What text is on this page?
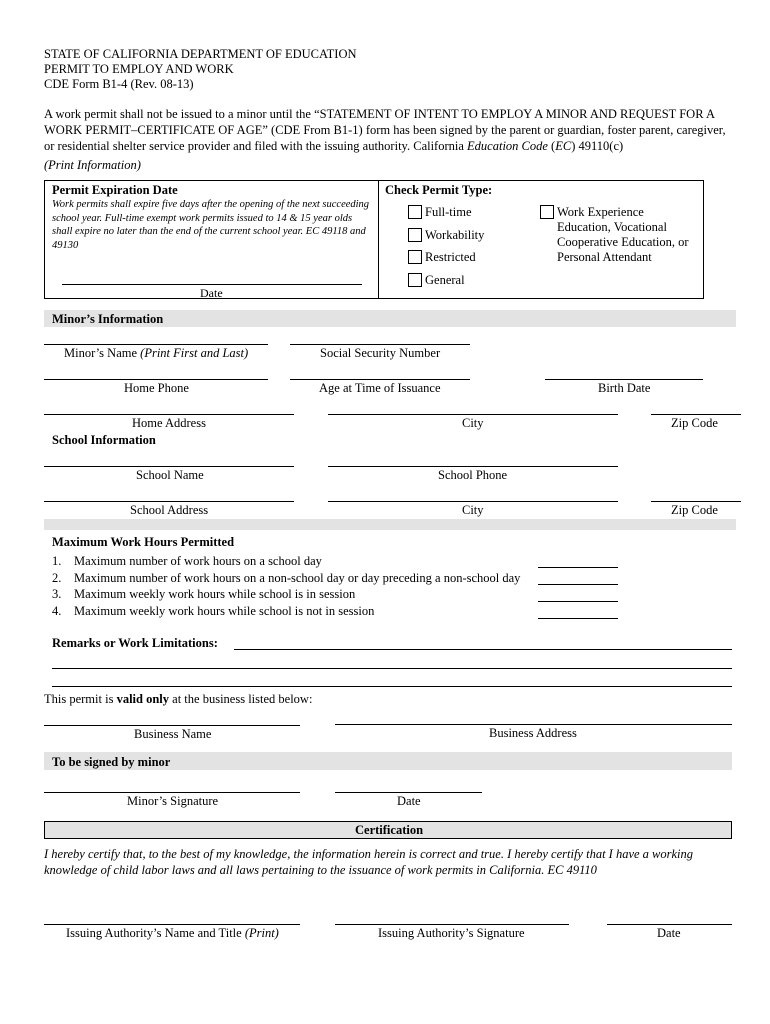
STATE OF CALIFORNIA DEPARTMENT OF EDUCATION
PERMIT TO EMPLOY AND WORK
CDE Form B1-4 (Rev. 08-13)
A work permit shall not be issued to a minor until the “STATEMENT OF INTENT TO EMPLOY A MINOR AND REQUEST FOR A WORK PERMIT–CERTIFICATE OF AGE” (CDE From B1-1) form has been signed by the parent or guardian, foster parent, caregiver, or residential shelter service provider and filed with the issuing authority. California Education Code (EC) 49110(c)
(Print Information)
Permit Expiration Date
Work permits shall expire five days after the opening of the next succeeding school year. Full-time exempt work permits issued to 14 & 15 year olds shall expire no later than the end of the current school year. EC 49118 and 49130
Date
Check Permit Type:
Full-time
Workability
Restricted
General
Work Experience
Education, Vocational
Cooperative Education, or
Personal Attendant
Minor’s Information
Minor’s Name (Print First and Last)	Social Security Number
Home Phone	Age at Time of Issuance	Birth Date
Home Address	City	Zip Code
School Information
School Name	School Phone
School Address	City	Zip Code
Maximum Work Hours Permitted
1. Maximum number of work hours on a school day
2. Maximum number of work hours on a non-school day or day preceding a non-school day
3. Maximum weekly work hours while school is in session
4. Maximum weekly work hours while school is not in session
Remarks or Work Limitations:
This permit is valid only at the business listed below:
Business Name	Business Address
To be signed by minor
Minor’s Signature	Date
Certification
I hereby certify that, to the best of my knowledge, the information herein is correct and true. I hereby certify that I have a working knowledge of child labor laws and all laws pertaining to the issuance of work permits in California. EC 49110
Issuing Authority’s Name and Title (Print)	Issuing Authority’s Signature	Date
